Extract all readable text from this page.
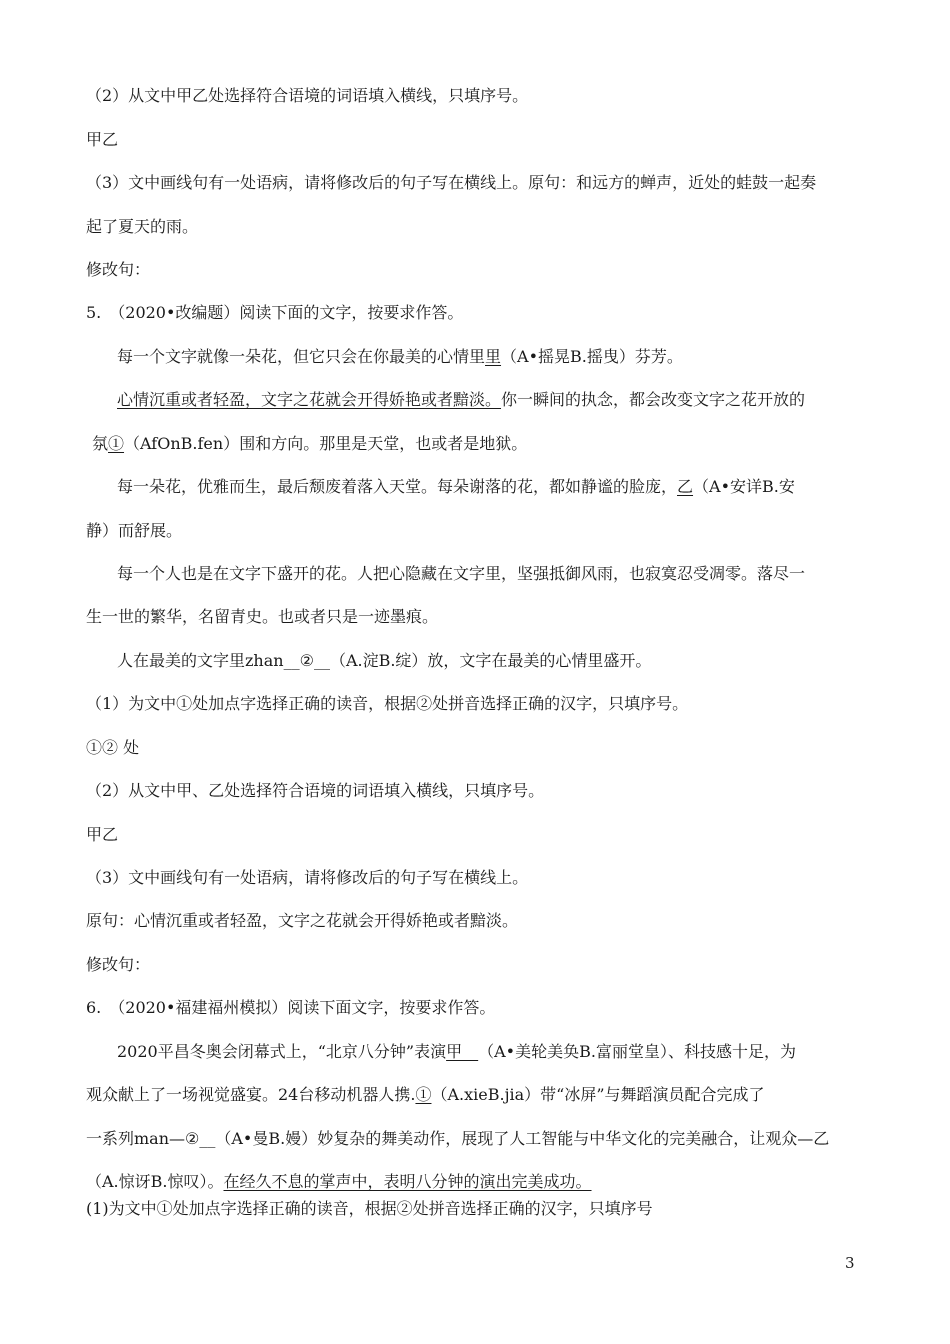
（2）从文中甲乙处选择符合语境的词语填入横线，只填序号。

甲乙

（3）文中画线句有一处语病，请将修改后的句子写在横线上。原句：和远方的蝉声，近处的蛙鼓一起奏

起了夏天的雨。

修改句：

5.　（2020•改编题）阅读下面的文字，按要求作答。

每一个文字就像一朵花，但它只会在你最美的心情里里（A•摇晃B.摇曳）芬芳。

心情沉重或者轻盈，文字之花就会开得娇艳或者黯淡。你一瞬间的执念，都会改变文字之花开放的

氛①（AfOnB.fen）围和方向。那里是天堂，也或者是地狱。

每一朵花，优雅而生，最后颓废着落入天堂。每朵谢落的花，都如静谧的脸庞，乙（A•安详B.安

静）而舒展。

每一个人也是在文字下盛开的花。人把心隐藏在文字里，坚强抵御风雨，也寂寞忍受凋零。落尽一

生一世的繁华，名留青史。也或者只是一迹墨痕。

人在最美的文字里zhan__②__（A.淀B.绽）放，文字在最美的心情里盛开。

（1）为文中①处加点字选择正确的读音，根据②处拼音选择正确的汉字，只填序号。

①② 处

（2）从文中甲、乙处选择符合语境的词语填入横线，只填序号。

甲乙

（3）文中画线句有一处语病，请将修改后的句子写在横线上。

原句：心情沉重或者轻盈，文字之花就会开得娇艳或者黯淡。

修改句：

6.　（2020•福建福州模拟）阅读下面文字，按要求作答。

2020平昌冬奥会闭幕式上，“北京八分钟”表演甲__（A•美轮美奂B.富丽堂皇）、科技感十足，为

观众献上了一场视觉盛宴。24台移动机器人携.①（A.xieB.jia）带“冰屏”与舞蹈演员配合完成了

一系列man—②__（A•曼B.嫚）妙复杂的舞美动作，展现了人工智能与中华文化的完美融合，让观众—乙

（A.惊讶B.惊叹）。在经久不息的掌声中，表明八分钟的演出完美成功。

(1)为文中①处加点字选择正确的读音，根据②处拼音选择正确的汉字，只填序号

3
